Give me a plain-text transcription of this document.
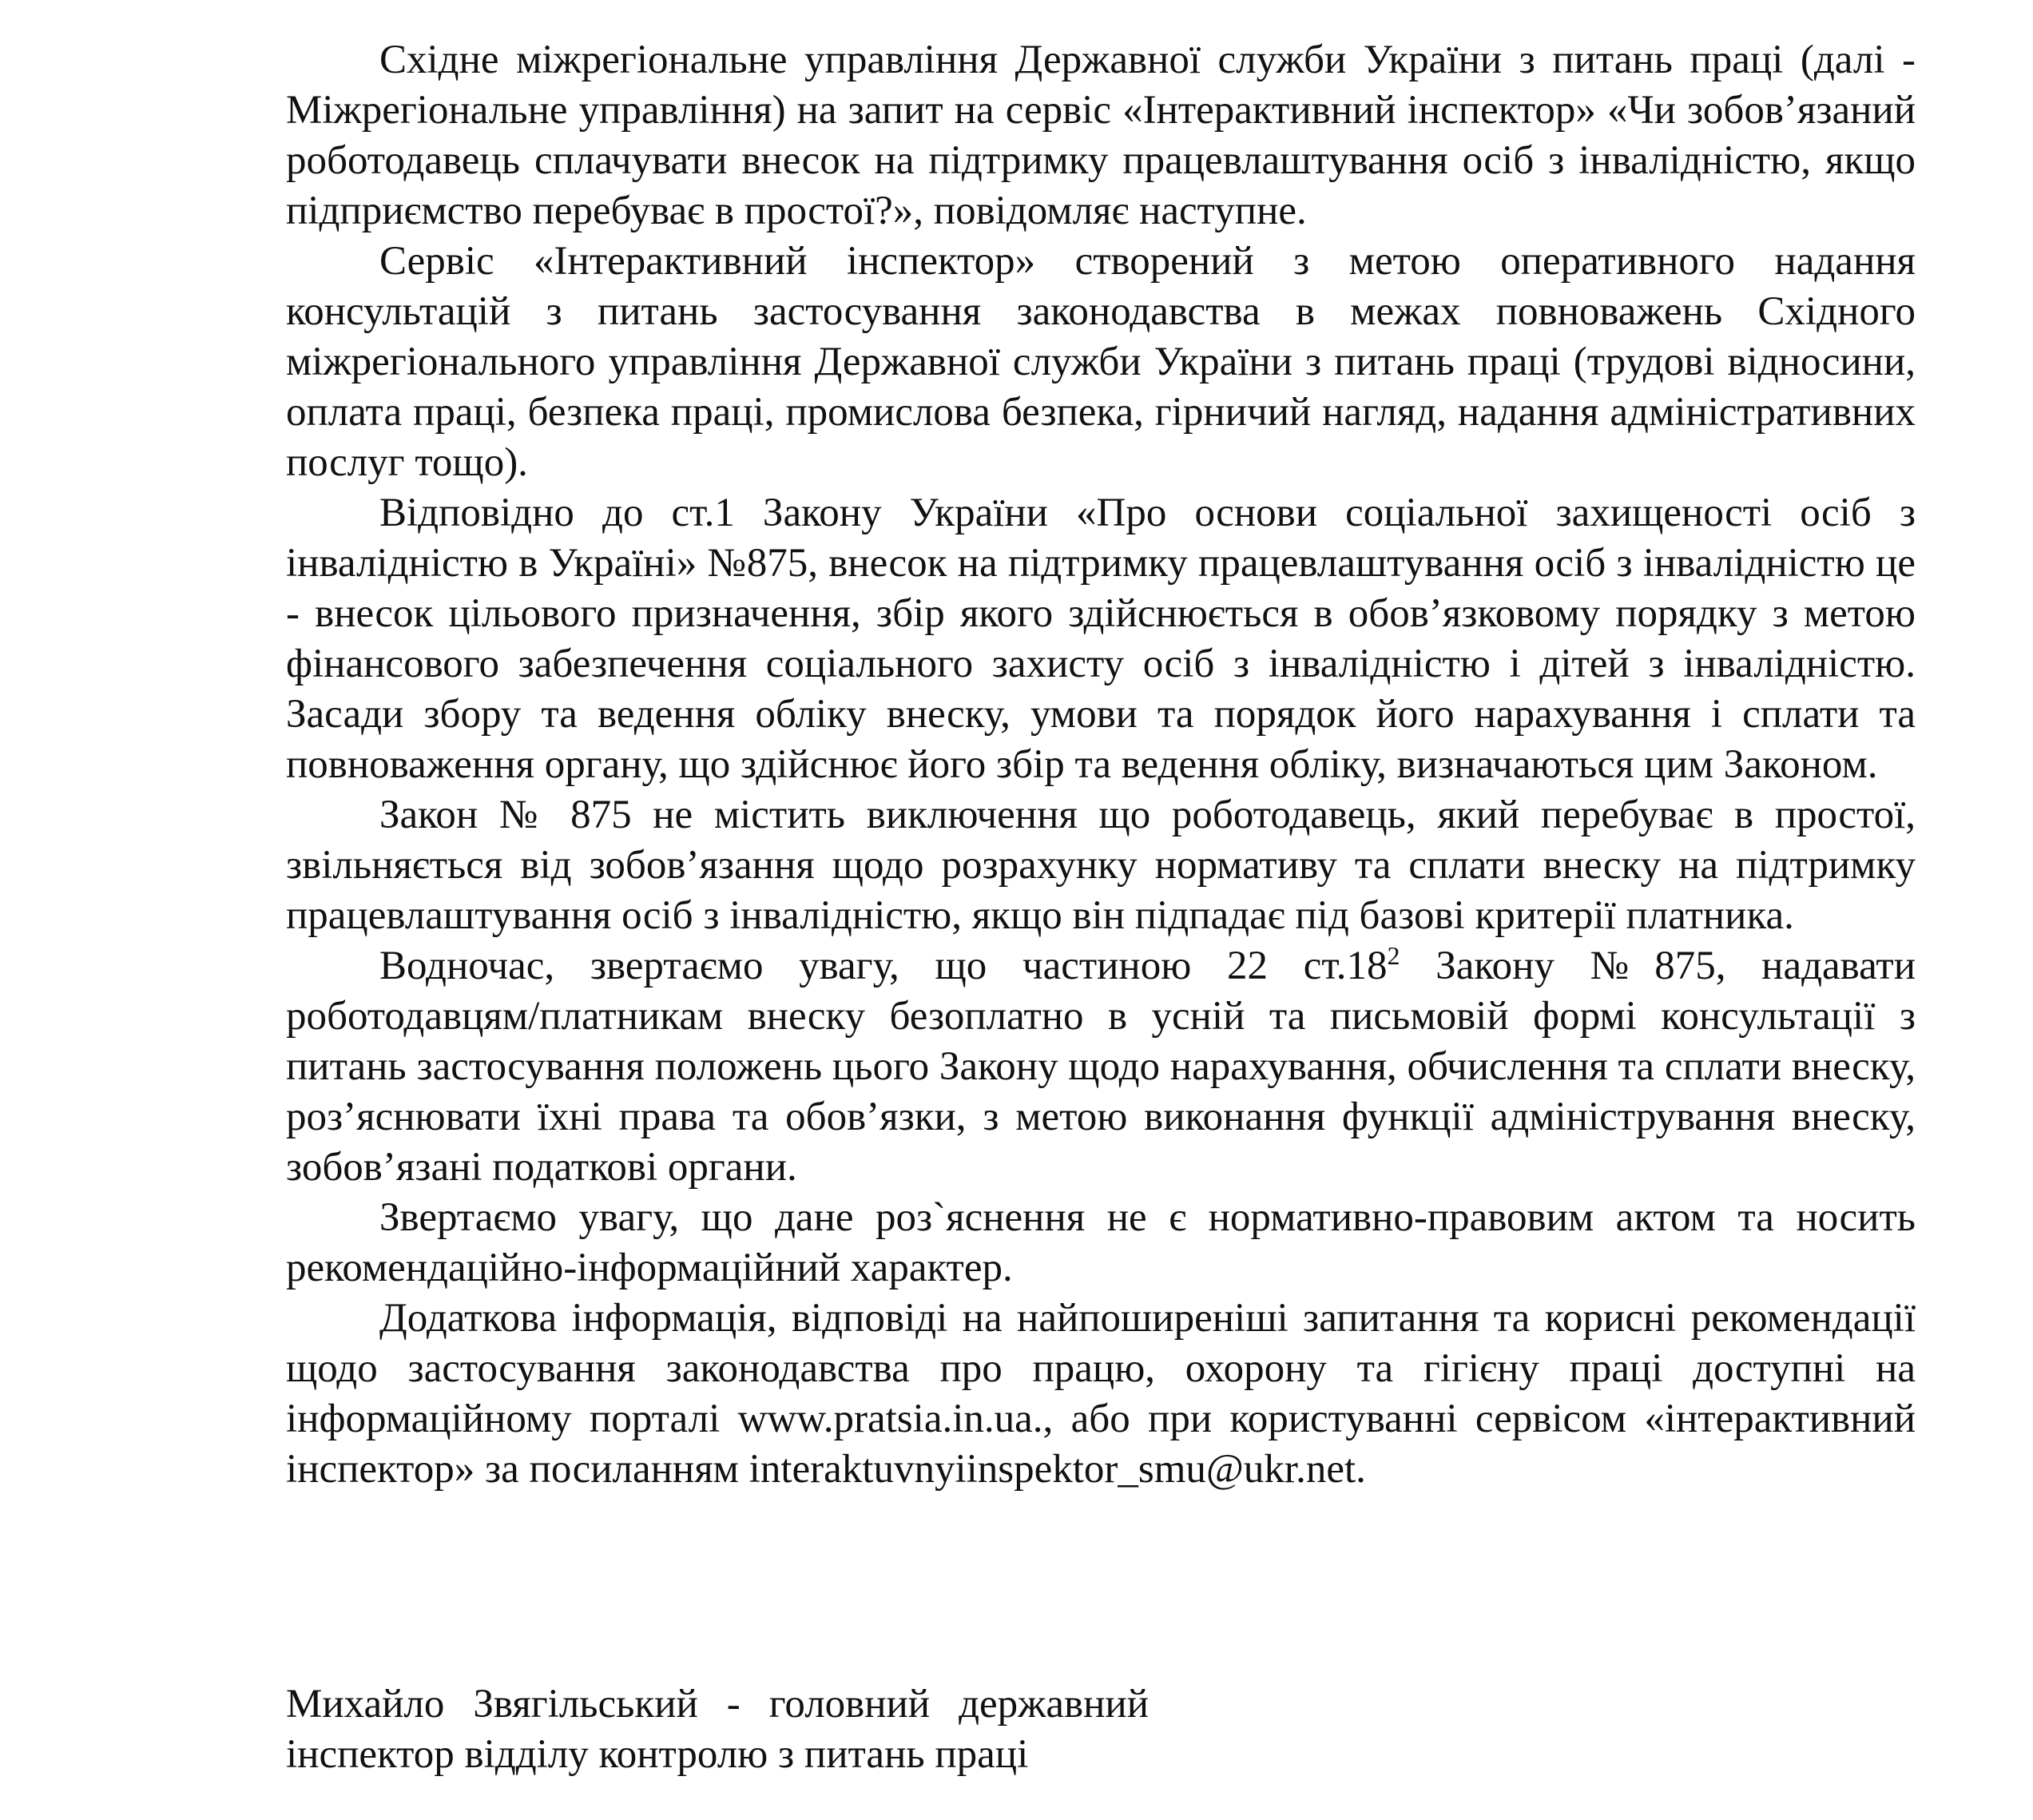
Східне міжрегіональне управління Державної служби України з питань праці (далі - Міжрегіональне управління) на запит на сервіс «Інтерактивний інспектор» «Чи зобов’язаний роботодавець сплачувати внесок на підтримку працевлаштування осіб з інвалідністю, якщо підприємство перебуває в простої?», повідомляє наступне.

Сервіс «Інтерактивний інспектор» створений з метою оперативного надання консультацій з питань застосування законодавства в межах повноважень Східного міжрегіонального управління Державної служби України з питань праці (трудові відносини, оплата праці, безпека праці, промислова безпека, гірничий нагляд, надання адміністративних послуг тощо).

Відповідно до ст.1 Закону України «Про основи соціальної захищеності осіб з інвалідністю в Україні» №875, внесок на підтримку працевлаштування осіб з інвалідністю це - внесок цільового призначення, збір якого здійснюється в обов’язковому порядку з метою фінансового забезпечення соціального захисту осіб з інвалідністю і дітей з інвалідністю. Засади збору та ведення обліку внеску, умови та порядок його нарахування і сплати та повноваження органу, що здійснює його збір та ведення обліку, визначаються цим Законом.

Закон № 875 не містить виключення що роботодавець, який перебуває в простої, звільняється від зобов’язання щодо розрахунку нормативу та сплати внеску на підтримку працевлаштування осіб з інвалідністю, якщо він підпадає під базові критерії платника.

Водночас, звертаємо увагу, що частиною 22 $ст.18^2$ Закону №875, надавати роботодавцям/платникам внеску безоплатно в усній та письмовій формі консультації з питань застосування положень цього Закону щодо нарахування, обчислення та сплати внеску, роз’яснювати їхні права та обов’язки, з метою виконання функції адміністрування внеску, зобов’язані податкові органи.

Звертаємо увагу, що дане роз`яснення не є нормативно-правовим актом та носить рекомендаційно-інформаційний характер.

Додаткова інформація, відповіді на найпоширеніші запитання та корисні рекомендації щодо застосування законодавства про працю, охорону та гігієну праці доступні на інформаційному порталі www.pratsia.in.ua., або при користуванні сервісом «інтерактивний інспектор» за посиланням interaktuvnyiinspektor_smu@ukr.net.

Михайло Звягільський - головний державний інспектор відділу контролю з питань праці
